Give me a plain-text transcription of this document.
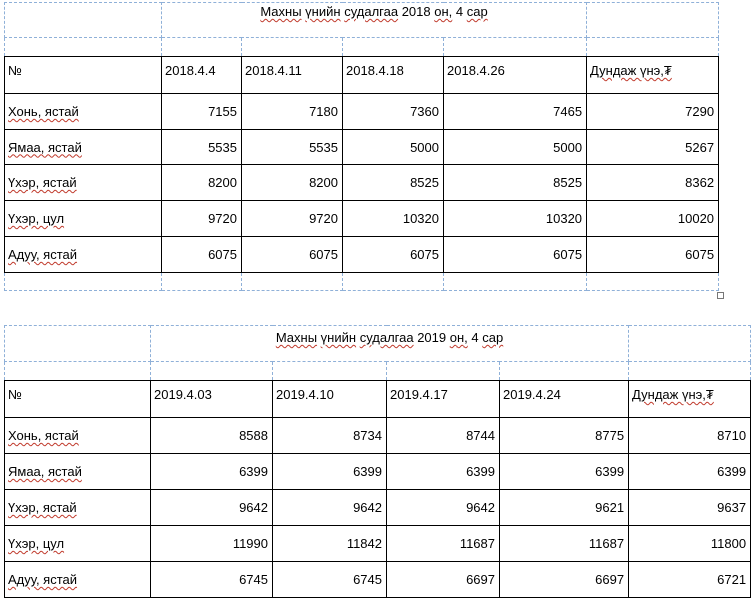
	Махны үнийн судалгаа 2018 он, 4 сар				

№	2018.4.4	2018.4.11	2018.4.18	2018.4.26	Дундаж үнэ,₮
Хонь, ястай	7155	7180	7360	7465	7290
Ямаа, ястай	5535	5535	5000	5000	5267
Үхэр, ястай	8200	8200	8525	8525	8362
Үхэр, цул	9720	9720	10320	10320	10020
Адуу, ястай	6075	6075	6075	6075	6075

	Махны үнийн судалгаа 2019 он, 4 сар				

№	2019.4.03	2019.4.10	2019.4.17	2019.4.24	Дундаж үнэ,₮
Хонь, ястай	8588	8734	8744	8775	8710
Ямаа, ястай	6399	6399	6399	6399	6399
Үхэр, ястай	9642	9642	9642	9621	9637
Үхэр, цул	11990	11842	11687	11687	11800
Адуу, ястай	6745	6745	6697	6697	6721
